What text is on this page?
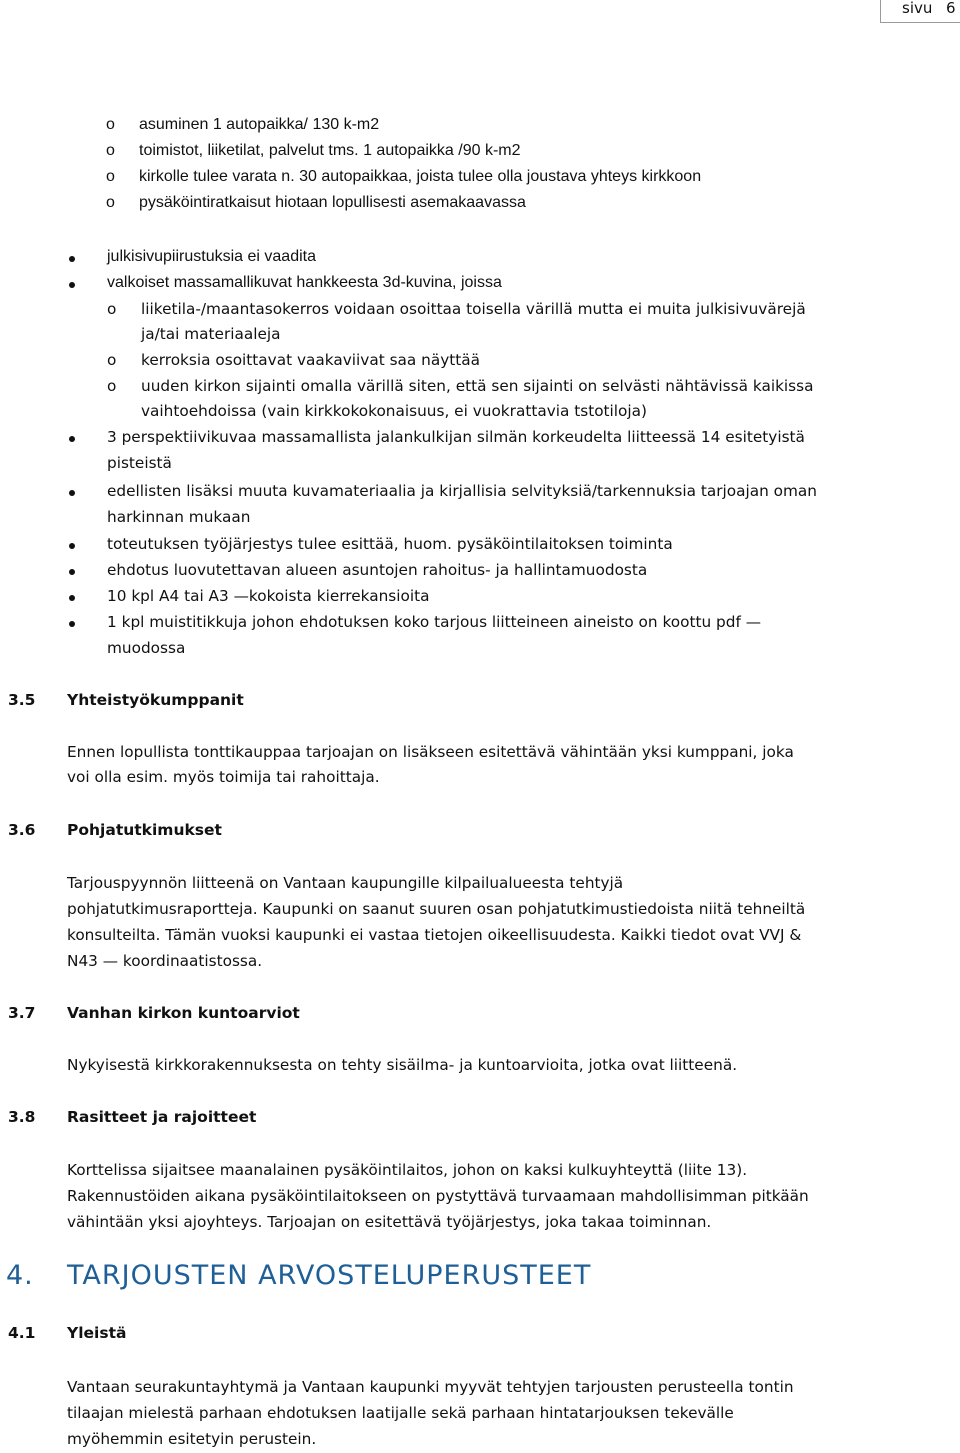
sivu 6
o asuminen 1 autopaikka/ 130 k-m2
o toimistot, liiketilat, palvelut tms. 1 autopaikka /90 k-m2
o kirkolle tulee varata n. 30 autopaikkaa, joista tulee olla joustava yhteys kirkkoon
o pysäköintiratkaisut hiotaan lopullisesti asemakaavassa
julkisivupiirustuksia ei vaadita
valkoiset massamallikuvat hankkeesta 3d-kuvina, joissa
o liiketila-/maantasokerros voidaan osoittaa toisella värillä mutta ei muita julkisivuvärejä
ja/tai materiaaleja
o kerroksia osoittavat vaakaviivat saa näyttää
o uuden kirkon sijainti omalla värillä siten, että sen sijainti on selvästi nähtävissä kaikissa
vaihtoehdoissa (vain kirkkokokonaisuus, ei vuokrattavia tstotiloja)
3 perspektiivikuvaa massamallista jalankulkijan silmän korkeudelta liitteessä 14 esitetyistä
pisteistä
edellisten lisäksi muuta kuvamateriaalia ja kirjallisia selvityksiä/tarkennuksia tarjoajan oman
harkinnan mukaan
toteutuksen työjärjestys tulee esittää, huom. pysäköintilaitoksen toiminta
ehdotus luovutettavan alueen asuntojen rahoitus- ja hallintamuodosta
10 kpl A4 tai A3 —kokoista kierrekansioita
1 kpl muistitikkuja johon ehdotuksen koko tarjous liitteineen aineisto on koottu pdf —
muodossa
3.5 Yhteistyökumppanit
Ennen lopullista tonttikauppaa tarjoajan on lisäkseen esitettävä vähintään yksi kumppani, joka
voi olla esim. myös toimija tai rahoittaja.
3.6 Pohjatutkimukset
Tarjouspyynnön liitteenä on Vantaan kaupungille kilpailualueesta tehtyjä
pohjatutkimusraportteja. Kaupunki on saanut suuren osan pohjatutkimustiedoista niitä tehneiltä
konsulteilta. Tämän vuoksi kaupunki ei vastaa tietojen oikeellisuudesta. Kaikki tiedot ovat VVJ &
N43 — koordinaatistossa.
3.7 Vanhan kirkon kuntoarviot
Nykyisestä kirkkorakennuksesta on tehty sisäilma- ja kuntoarvioita, jotka ovat liitteenä.
3.8 Rasitteet ja rajoitteet
Korttelissa sijaitsee maanalainen pysäköintilaitos, johon on kaksi kulkuyhteyttä (liite 13).
Rakennustöiden aikana pysäköintilaitokseen on pystyttävä turvaamaan mahdollisimman pitkään
vähintään yksi ajoyhteys. Tarjoajan on esitettävä työjärjestys, joka takaa toiminnan.
4. TARJOUSTEN ARVOSTELUPERUSTEET
4.1 Yleistä
Vantaan seurakuntayhtymä ja Vantaan kaupunki myyvät tehtyjen tarjousten perusteella tontin
tilaajan mielestä parhaan ehdotuksen laatijalle sekä parhaan hintatarjouksen tekevälle
myöhemmin esitetyin perustein.
